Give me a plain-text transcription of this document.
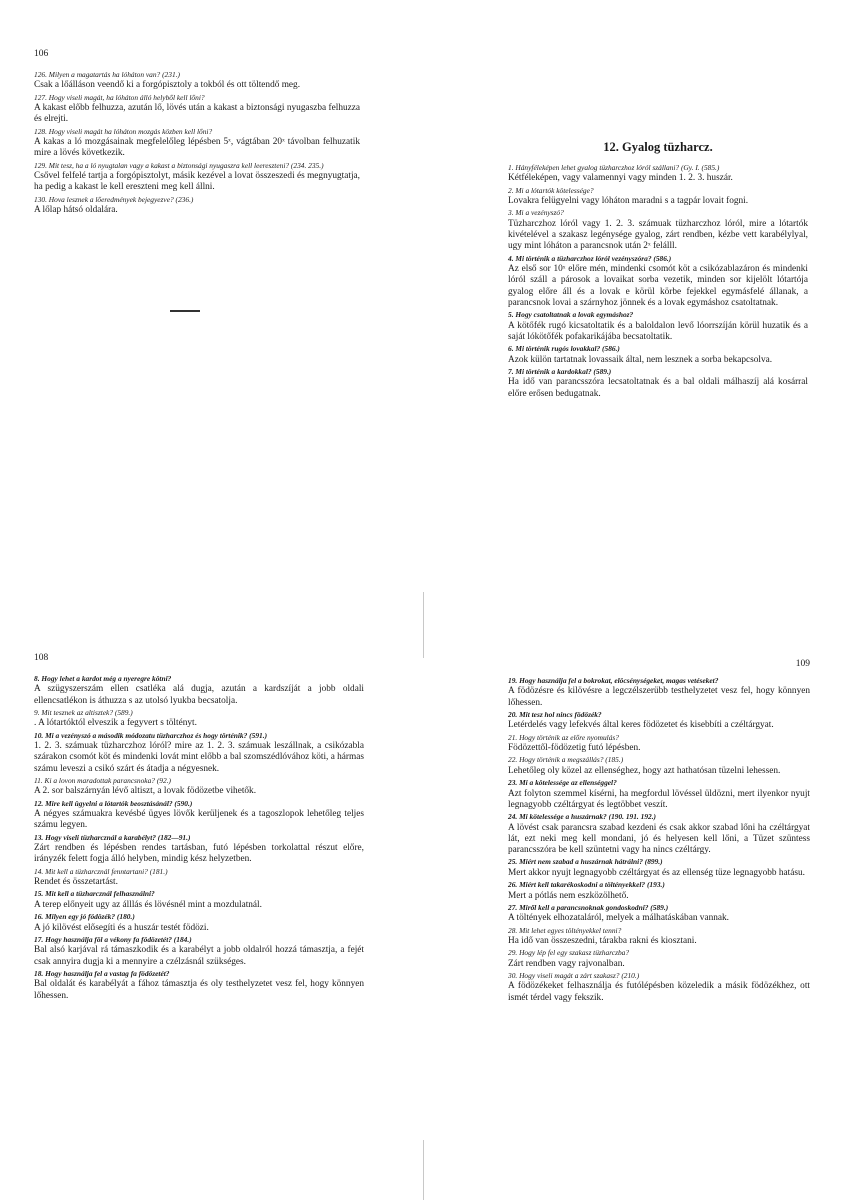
106

126. Milyen a magatartás ha lóháton van? (231.)

Csak a lőálláson veendő ki a forgópisztoly a tokból és ott töltendő meg.

127. Hogy viseli magát, ha lóháton álló helyből kell lőni?

A kakast előbb felhuzza, azután lő, lövés után a kakast a biztonsági nyugaszba felhuzza és elrejti.

128. Hogy viseli magát ha lóháton mozgás közben kell lőni?

A kakas a ló mozgásainak megfelelőleg lépésben 5ˣ, vágtában 20ˣ távolban felhuzatik mire a lövés következik.

129. Mit tesz, ha a ló nyugtalan vagy a kakast a biztonsági nyugaszra kell leereszteni? (234. 235.)

Csővel felfelé tartja a forgópisztolyt, másik kezével a lovat összeszedi és megnyugtatja, ha pedig a kakast le kell ereszteni meg kell állni.

130. Hova lesznek a lőeredmények bejegyezve? (236.)

A lőlap hátsó oldalára.

12. Gyalog tüzharcz.

1. Hányféleképen lehet gyalog tüzharczhoz lóról szállani? (Gy. I. (585.)

Kétféleképen, vagy valamennyi vagy minden 1. 2. 3. huszár.

2. Mi a lótartók kötelessége?

Lovakra felügyelni vagy lóháton maradni s a tagpár lovait fogni.

3. Mi a vezényszó?

Tüzharczhoz lóról vagy 1. 2. 3. számuak tüzharczhoz lóról, mire a lótartók kivételével a szakasz legénysége gyalog, zárt rendben, kézbe vett karabélylyal, ugy mint lóháton a parancsnok után 2ˣ felálll.

4. Mi történik a tüzharczhoz lóról vezényszóra? (586.)

Az első sor 10ˣ előre mén, mindenki csomót köt a csikózablazáron és mindenki lóról száll a párosok a lovaikat sorba vezetik, minden sor kijelölt lótartója gyalog előre áll és a lovak e körül körbe fejekkel egymásfelé állanak, a parancsnok lovai a szárnyhoz jönnek és a lovak egymáshoz csatoltatnak.

5. Hogy csatoltatnak a lovak egymáshoz?

A kötőfék rugó kicsatoltatik és a baloldalon levő lóorrszíján körül huzatik és a saját lókötőfék pofakarikájába becsatoltatik.

6. Mi történik rugós lovakkal? (586.)

Azok külön tartatnak lovassaik által, nem lesznek a sorba bekapcsolva.

7. Mi történik a kardokkal? (589.)

Ha idő van parancsszóra lecsatoltatnak és a bal oldali málhaszíj alá kosárral előre erősen bedugatnak.

108

8. Hogy lehet a kardot még a nyeregre kötni?

A szügyszerszám ellen csatléka alá dugja, azután a kardszíját a jobb oldali ellencsatlékon is áthuzza s az utolsó lyukba becsatolja.

9. Mit tesznek az altisztek? (589.)

. A lótartóktól elveszik a fegyvert s töltényt.

10. Mi a vezényszó a második módozatu tüzharczhoz és hogy történik? (591.)

1. 2. 3. számuak tüzharczhoz lóról? mire az 1. 2. 3. számuak leszállnak, a csikózabla szárakon csomót köt és mindenki lovát mint előbb a bal szomszédlóvához köti, a hármas számu leveszi a csikó szárt és átadja a négyesnek.

11. Ki a lovon maradottak parancsnoka? (92.)

A 2. sor balszárnyán lévő altiszt, a lovak födözetbe vihetők.

12. Mire kell ügyelni a lótartók beosztásánál? (590.)

A négyes számuakra kevésbé ügyes lövők kerüljenek és a tagoszlopok lehetőleg teljes számu legyen.

13. Hogy viseli tüzharcznál a karabélyt? (182—91.)

Zárt rendben és lépésben rendes tartásban, futó lépésben torkolattal részut előre, irányzék felett fogja álló helyben, mindig kész helyzetben.

14. Mit kell a tüzharcznál fenntartani? (181.)

Rendet és összetartást.

15. Mit kell a tüzharcznál felhasználni?

A terep előnyeit ugy az álllás és lövésnél mint a mozdulatnál.

16. Milyen egy jó födözék? (180.)

A jó kilövést elősegíti és a huszár testét födözi.

17. Hogy használja föl a vékony fa födözetét? (184.)

Bal alsó karjával rá támaszkodik és a karabélyt a jobb oldalról hozzá támasztja, a fejét csak annyira dugja ki a mennyire a czélzásnál szükséges.

18. Hogy használja fel a vastag fa födözetét?

Bal oldalát és karabélyát a fához támasztja és oly testhelyzetet vesz fel, hogy könnyen lőhessen.

109

19. Hogy használja fel a bokrokat, elöcsénységeket, magas vetéseket?

A födözésre és kilövésre a legczélszerübb testhelyzetet vesz fel, hogy könnyen lőhessen.

20. Mit tesz hol nincs födözék?

Letérdelés vagy lefekvés által keres födözetet és kisebbíti a czéltárgyat.

21. Hogy történik az előre nyomulás?

Födözettől-födözetig futó lépésben.

22. Hogy történik a megszállás? (185.)

Lehetőleg oly közel az ellenséghez, hogy azt hathatósan tüzelni lehessen.

23. Mi a kötelessége az ellenséggel?

Azt folyton szemmel kísérni, ha megfordul lövéssel üldözni, mert ilyenkor nyujt legnagyobb czéltárgyat és legtöbbet veszít.

24. Mi kötelessége a huszárnak? (190. 191. 192.)

A lövést csak parancsra szabad kezdeni és csak akkor szabad lőni ha czéltárgyat lát, ezt neki meg kell mondani, jó és helyesen kell lőni, a Tüzet szüntess parancsszóra be kell szüntetni vagy ha nincs czéltárgy.

25. Miért nem szabad a huszárnak hátrálni? (899.)

Mert akkor nyujt legnagyobb czéltárgyat és az ellenség tüze legnagyobb hatásu.

26. Miért kell takarékoskodni a töltényekkel? (193.)

Mert a pótlás nem eszközölhető.

27. Miről kell a parancsnoknak gondoskodni? (589.)

A töltények elhozataláról, melyek a málhatáskában vannak.

28. Mit lehet egyes töltényekkel tenni?

Ha idő van összeszedni, tárakba rakni és kiosztani.

29. Hogy lép fel egy szakasz tüzharczba?

Zárt rendben vagy rajvonalban.

30. Hogy viseli magát a zárt szakasz? (210.)

A födözékeket felhasználja és futólépésben közeledik a másik födözékhez, ott ismét térdel vagy fekszik.
